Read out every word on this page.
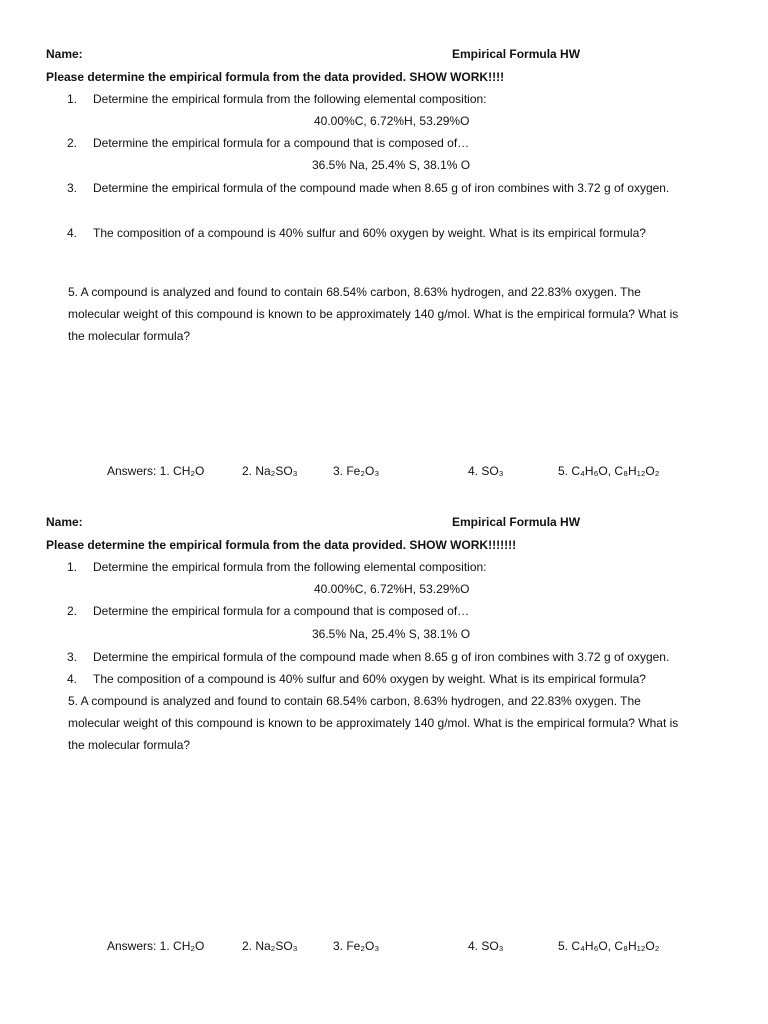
Name:	Empirical Formula HW
Please determine the empirical formula from the data provided. SHOW WORK!!!!
1. Determine the empirical formula from the following elemental composition:
40.00%C, 6.72%H, 53.29%O
2. Determine the empirical formula for a compound that is composed of…
36.5% Na, 25.4% S, 38.1% O
3. Determine the empirical formula of the compound made when 8.65 g of iron combines with 3.72 g of oxygen.
4. The composition of a compound is 40% sulfur and 60% oxygen by weight. What is its empirical formula?
5. A compound is analyzed and found to contain 68.54% carbon, 8.63% hydrogen, and 22.83% oxygen. The
molecular weight of this compound is known to be approximately 140 g/mol. What is the empirical formula? What is
the molecular formula?
Answers: 1. CH₂O	2. Na₂SO₃	3. Fe₂O₃	4. SO₃	5. C₄H₆O, C₈H₁₂O₂
Name:	Empirical Formula HW
Please determine the empirical formula from the data provided. SHOW WORK!!!!!!!
1. Determine the empirical formula from the following elemental composition:
40.00%C, 6.72%H, 53.29%O
2. Determine the empirical formula for a compound that is composed of…
36.5% Na, 25.4% S, 38.1% O
3. Determine the empirical formula of the compound made when 8.65 g of iron combines with 3.72 g of oxygen.
4. The composition of a compound is 40% sulfur and 60% oxygen by weight. What is its empirical formula?
5. A compound is analyzed and found to contain 68.54% carbon, 8.63% hydrogen, and 22.83% oxygen. The
molecular weight of this compound is known to be approximately 140 g/mol. What is the empirical formula? What is
the molecular formula?
Answers: 1. CH₂O	2. Na₂SO₃	3. Fe₂O₃	4. SO₃	5. C₄H₆O, C₈H₁₂O₂
